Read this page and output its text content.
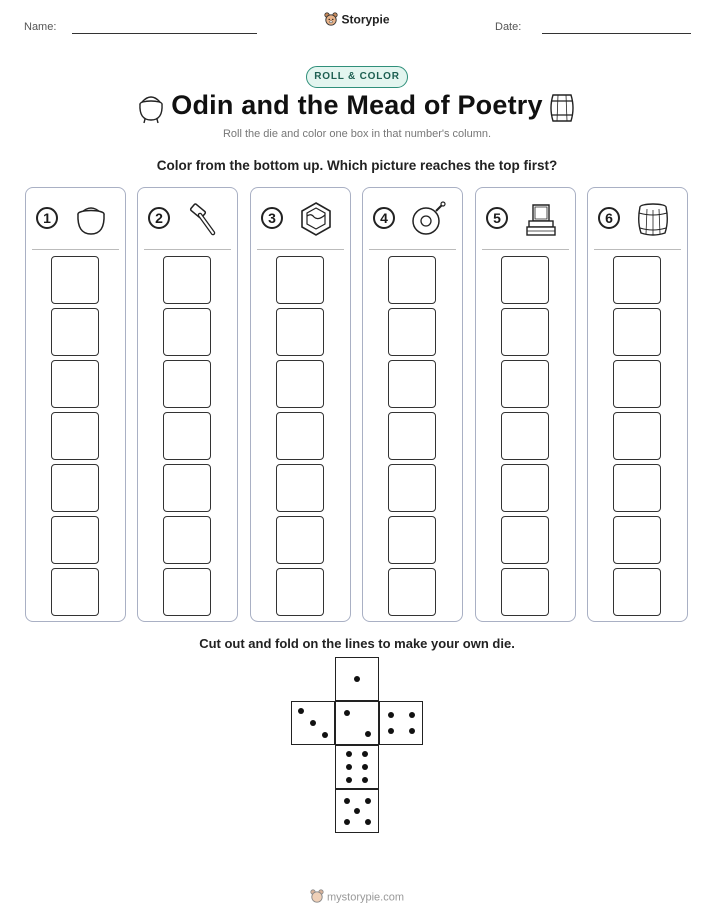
Name:
Storypie
Date:
ROLL & COLOR
Odin and the Mead of Poetry
Roll the die and color one box in that number's column.
Color from the bottom up. Which picture reaches the top first?
1	2	3	4	5	6
Cut out and fold on the lines to make your own die.
mystorypie.com
